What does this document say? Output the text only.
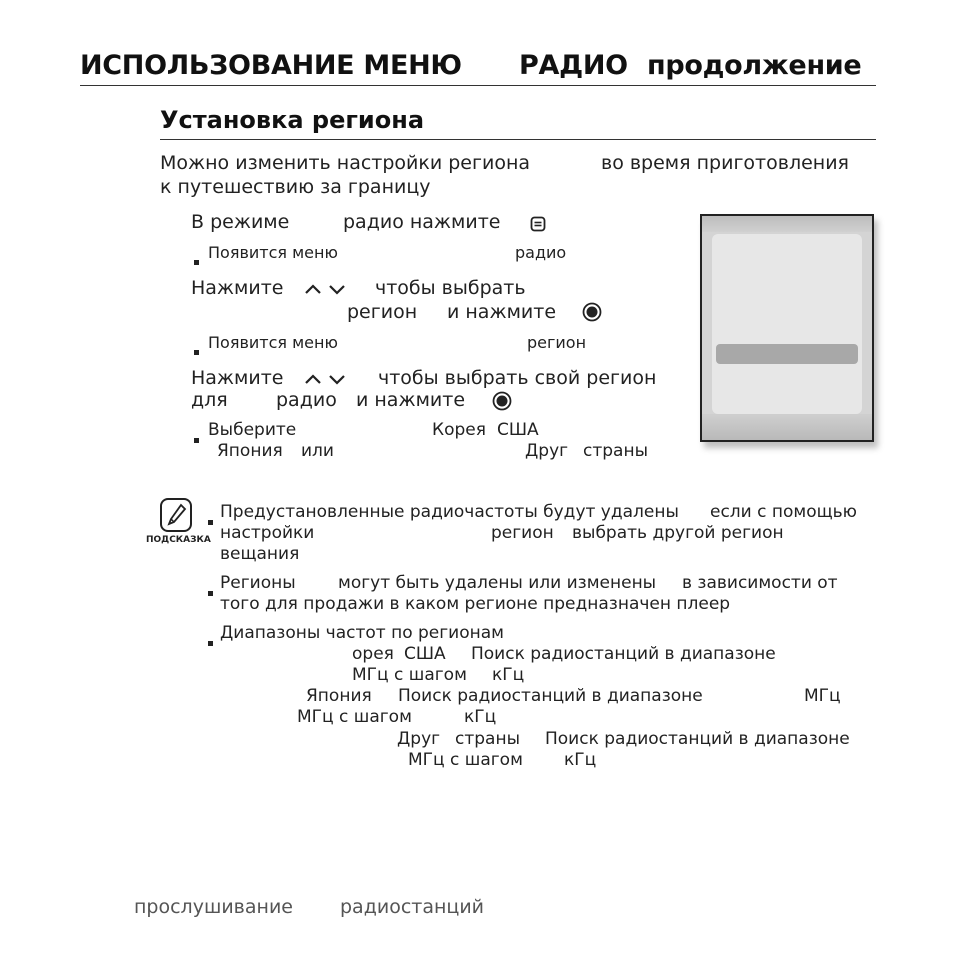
ИСПОЛЬЗОВАНИЕ МЕНЮ РАДИО продолжение
Установка региона
Можно изменить настройки региона	во время приготовления
к путешествию за границу
В режиме	радио нажмите
Появится меню	радио
Нажмите	чтобы выбрать
регион и нажмите
Появится меню	регион
Нажмите	чтобы выбрать свой регион
для	радио и нажмите
Выберите	Корея США
Япония или	Друг страны
ПОДСКАЗКА
Предустановленные радиочастоты будут удалены если с помощью
настройки	регион выбрать другой регион
вещания
Регионы могут быть удалены или изменены в зависимости от
того для продажи в каком регионе предназначен плеер
Диапазоны частот по регионам
орея США Поиск радиостанций в диапазоне
МГц с шагом кГц
Япония Поиск радиостанций в диапазоне	МГц
МГц с шагом	кГц
Друг страны Поиск радиостанций в диапазоне
МГц с шагом кГц
прослушивание радиостанций
